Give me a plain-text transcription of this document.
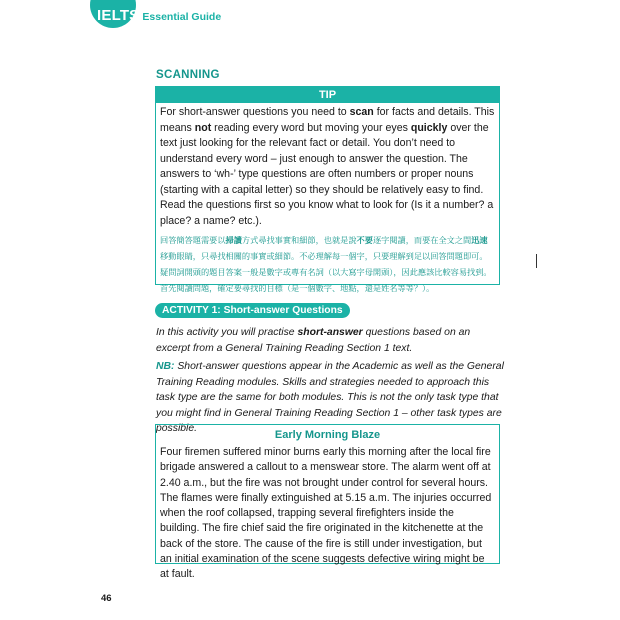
IELTS Essential Guide
SCANNING
TIP
For short-answer questions you need to scan for facts and details. This means not reading every word but moving your eyes quickly over the text just looking for the relevant fact or detail. You don’t need to understand every word – just enough to answer the question. The answers to ‘wh-’ type questions are often numbers or proper nouns (starting with a capital letter) so they should be relatively easy to find. Read the questions first so you know what to look for (Is it a number? a place? a name? etc.).
回答簡答題需要以掃讀方式尋找事實和細節，也就是說不要逐字閱讀，而要在全文之間迅速移動眼睛，只尋找相關的事實或細節。不必理解每一個字，只要理解到足以回答問題即可。疑問詞開頭的題目答案一般是數字或專有名詞（以大寫字母開頭），因此應該比較容易找到。首先閱讀問題，確定要尋找的目標（是一個數字、地點，還是姓名等等？）。
ACTIVITY 1: Short-answer Questions
In this activity you will practise short-answer questions based on an excerpt from a General Training Reading Section 1 text.
NB: Short-answer questions appear in the Academic as well as the General Training Reading modules. Skills and strategies needed to approach this task type are the same for both modules. This is not the only task type that you might find in General Training Reading Section 1 – other task types are possible.
Early Morning Blaze
Four firemen suffered minor burns early this morning after the local fire brigade answered a callout to a menswear store. The alarm went off at 2.40 a.m., but the fire was not brought under control for several hours. The flames were finally extinguished at 5.15 a.m. The injuries occurred when the roof collapsed, trapping several firefighters inside the building. The fire chief said the fire originated in the kitchenette at the back of the store. The cause of the fire is still under investigation, but an initial examination of the scene suggests defective wiring might be at fault.
46
